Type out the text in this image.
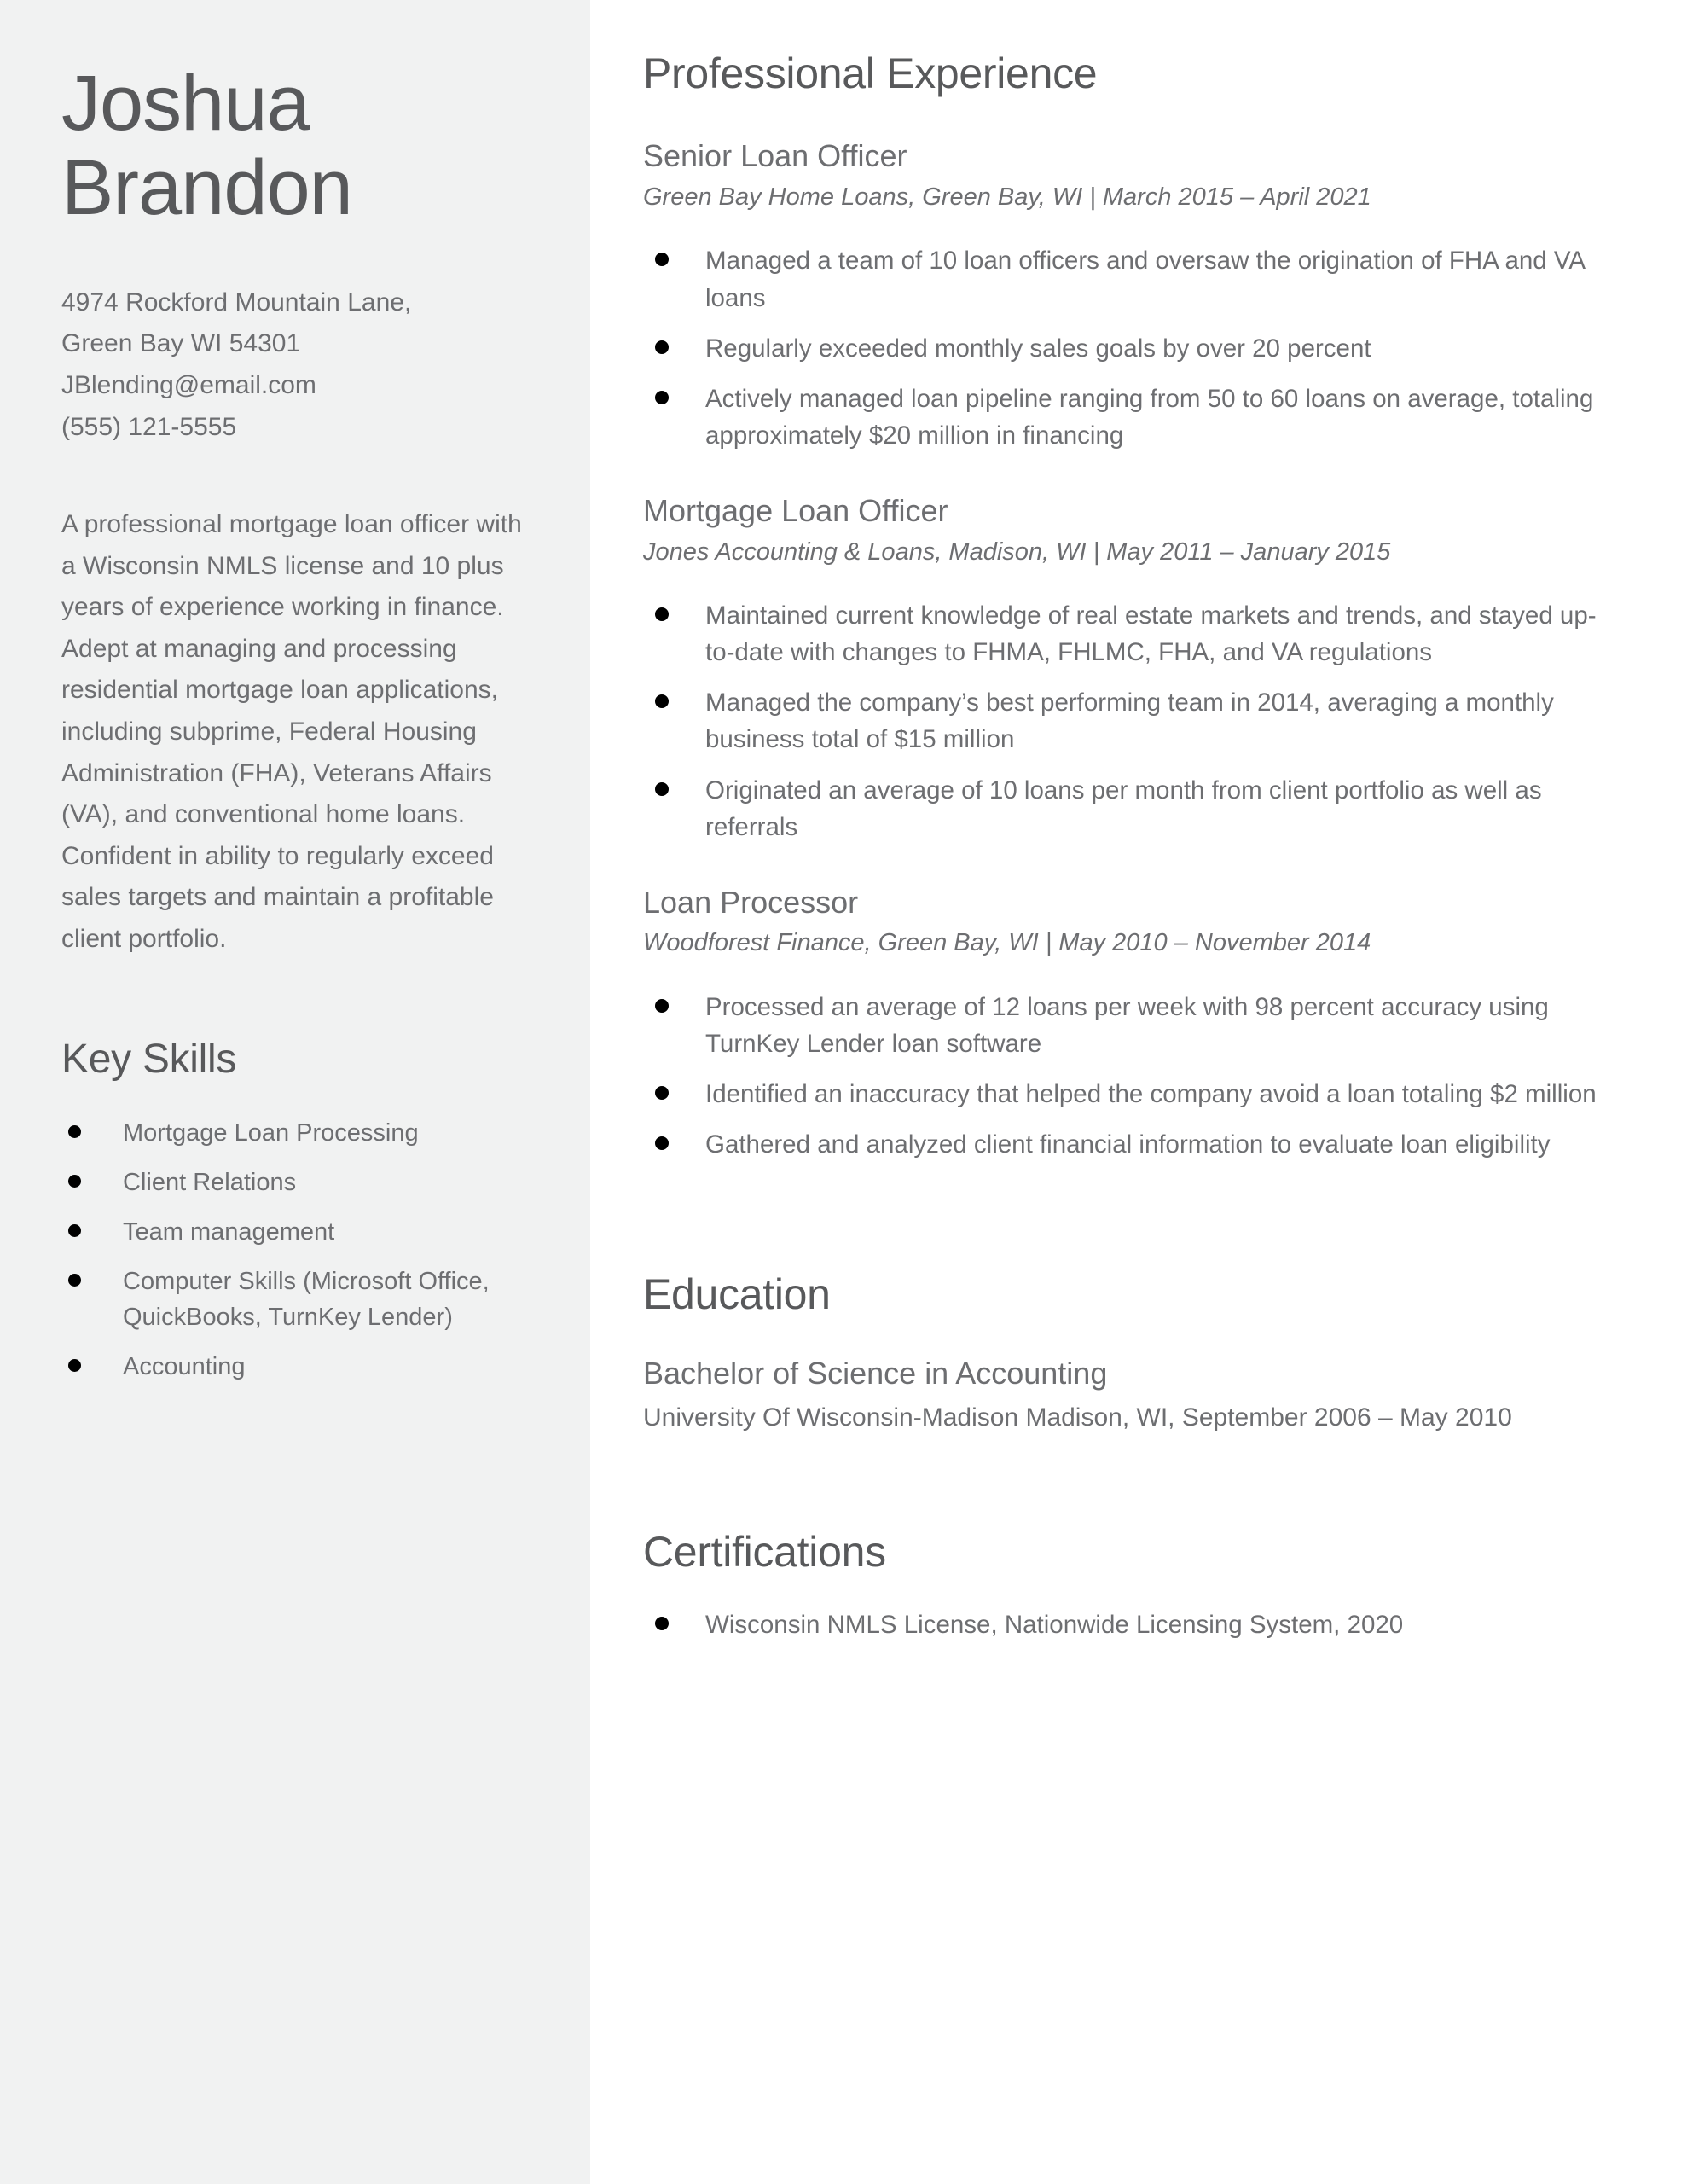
Joshua
Brandon
4974 Rockford Mountain Lane,
Green Bay WI 54301
JBlending@email.com
(555) 121-5555

A professional mortgage loan officer with a Wisconsin NMLS license and 10 plus years of experience working in finance. Adept at managing and processing residential mortgage loan applications, including subprime, Federal Housing Administration (FHA), Veterans Affairs (VA), and conventional home loans. Confident in ability to regularly exceed sales targets and maintain a profitable client portfolio.

Key Skills
Mortgage Loan Processing
Client Relations
Team management
Computer Skills (Microsoft Office, QuickBooks, TurnKey Lender)
Accounting
Professional Experience
Senior Loan Officer

Green Bay Home Loans, Green Bay, WI | March 2015 – April 2021

Managed a team of 10 loan officers and oversaw the origination of FHA and VA loans
Regularly exceeded monthly sales goals by over 20 percent
Actively managed loan pipeline ranging from 50 to 60 loans on average, totaling approximately $20 million in financing
Mortgage Loan Officer

Jones Accounting & Loans, Madison, WI | May 2011 – January 2015

Maintained current knowledge of real estate markets and trends, and stayed up-to-date with changes to FHMA, FHLMC, FHA, and VA regulations
Managed the company’s best performing team in 2014, averaging a monthly business total of $15 million
Originated an average of 10 loans per month from client portfolio as well as referrals
Loan Processor

Woodforest Finance, Green Bay, WI | May 2010 – November 2014

Processed an average of 12 loans per week with 98 percent accuracy using TurnKey Lender loan software
Identified an inaccuracy that helped the company avoid a loan totaling $2 million
Gathered and analyzed client financial information to evaluate loan eligibility
Education
Bachelor of Science in Accounting

University Of Wisconsin-Madison Madison, WI, September 2006 – May 2010

Certifications
Wisconsin NMLS License, Nationwide Licensing System, 2020
